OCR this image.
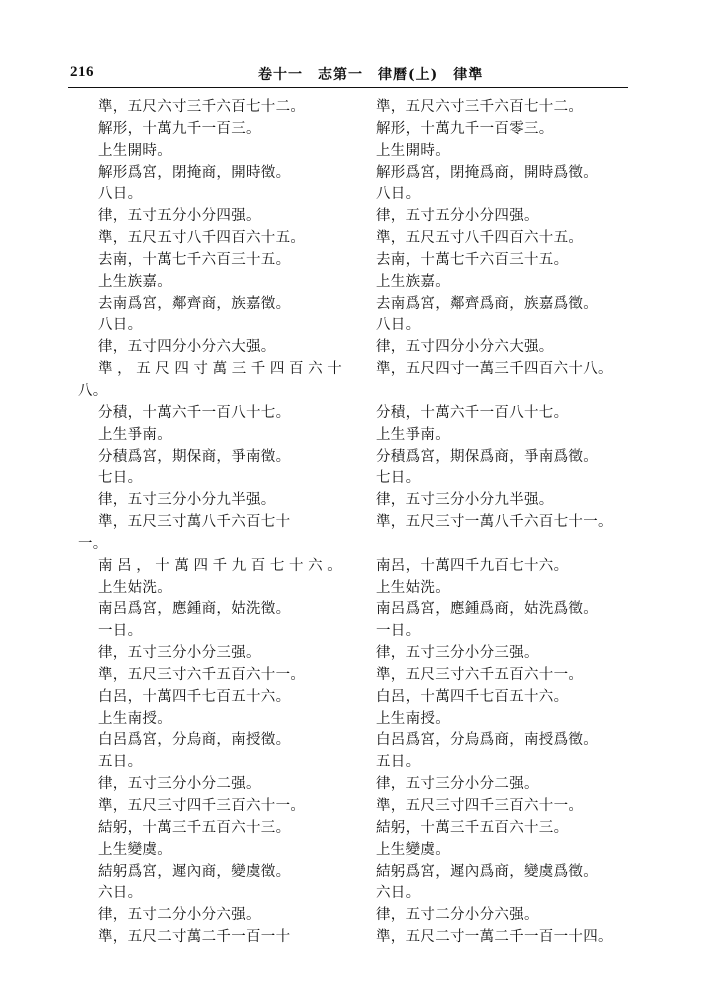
216	卷十一　志第一　律曆(上)　律準
準，五尺六寸三千六百七十二。
解形，十萬九千一百三。
上生開時。
解形爲宮，閉掩商，開時徵。
八日。
律，五寸五分小分四强。
準，五尺五寸八千四百六十五。
去南，十萬七千六百三十五。
上生族嘉。
去南爲宮，鄰齊商，族嘉徵。
八日。
律，五寸四分小分六大强。
準，五尺四寸萬三千四百六十
八。
分積，十萬六千一百八十七。
上生爭南。
分積爲宮，期保商，爭南徵。
七日。
律，五寸三分小分九半强。
準，五尺三寸萬八千六百七十
一。
南呂，十萬四千九百七十六。
上生姑洗。
南呂爲宮，應鍾商，姑洗徵。
一日。
律，五寸三分小分三强。
準，五尺三寸六千五百六十一。
白呂，十萬四千七百五十六。
上生南授。
白呂爲宮，分烏商，南授徵。
五日。
律，五寸三分小分二强。
準，五尺三寸四千三百六十一。
結躬，十萬三千五百六十三。
上生變虞。
結躬爲宮，遲內商，變虞徵。
六日。
律，五寸二分小分六强。
準，五尺二寸萬二千一百一十
準，五尺六寸三千六百七十二。
解形，十萬九千一百零三。
上生開時。
解形爲宮，閉掩爲商，開時爲徵。
八日。
律，五寸五分小分四强。
準，五尺五寸八千四百六十五。
去南，十萬七千六百三十五。
上生族嘉。
去南爲宮，鄰齊爲商，族嘉爲徵。
八日。
律，五寸四分小分六大强。
準，五尺四寸一萬三千四百六十八。
分積，十萬六千一百八十七。
上生爭南。
分積爲宮，期保爲商，爭南爲徵。
七日。
律，五寸三分小分九半强。
準，五尺三寸一萬八千六百七十一。
南呂，十萬四千九百七十六。
上生姑洗。
南呂爲宮，應鍾爲商，姑洗爲徵。
一日。
律，五寸三分小分三强。
準，五尺三寸六千五百六十一。
白呂，十萬四千七百五十六。
上生南授。
白呂爲宮，分烏爲商，南授爲徵。
五日。
律，五寸三分小分二强。
準，五尺三寸四千三百六十一。
結躬，十萬三千五百六十三。
上生變虞。
結躬爲宮，遲內爲商，變虞爲徵。
六日。
律，五寸二分小分六强。
準，五尺二寸一萬二千一百一十四。
